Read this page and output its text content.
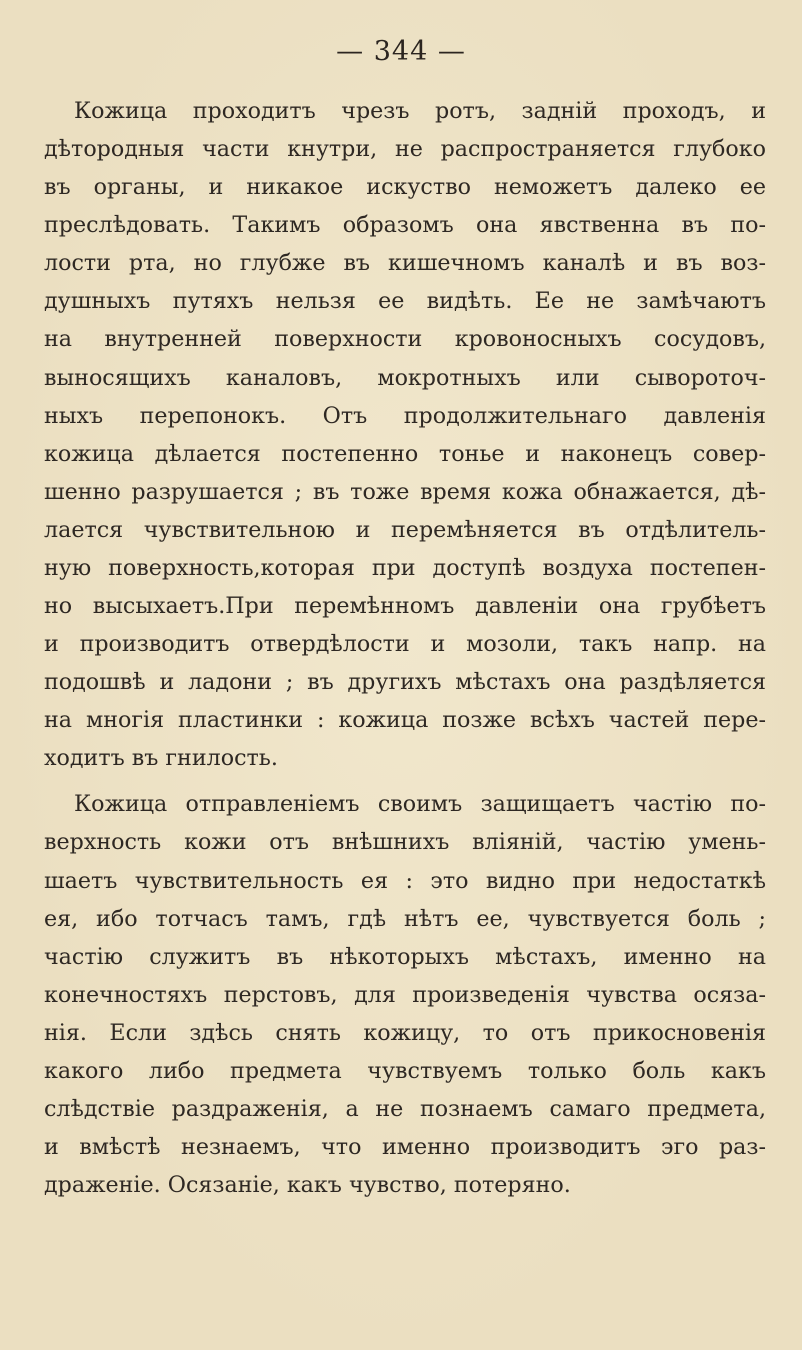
— 344 —
Кожица проходитъ чрезъ ротъ, заднiй проходъ, и
дѣтородныя части кнутри, не распространяется глубоко
въ органы, и никакое искуство неможетъ далеко ее
преслѣдовать. Такимъ образомъ она явственна въ по-
лости рта, но глубже въ кишечномъ каналѣ и въ воз-
душныхъ путяхъ нельзя ее видѣть. Ее не замѣчаютъ
на внутренней поверхности кровоносныхъ сосудовъ,
выносящихъ каналовъ, мокротныхъ или сывороточ-
ныхъ перепонокъ. Отъ продолжительнаго давленiя
кожица дѣлается постепенно тоньe и наконецъ совер-
шенно разрушается ; въ тоже время кожа обнажается, дѣ-
лается чувствительною и перемѣняется въ отдѣлитель-
ную поверхность,которая при доступѣ воздуха постепен-
но высыхаетъ.При перемѣнномъ давленiи она грубѣетъ
и производитъ отвердѣлости и мозоли, такъ напр. на
подошвѣ и ладони ; въ другихъ мѣстахъ она раздѣляется
на многiя пластинки : кожица позже всѣхъ частей пере-
ходитъ въ гнилость.
Кожица отправленiемъ своимъ защищаетъ частiю по-
верхность кожи отъ внѣшнихъ влiянiй, частiю умень-
шаетъ чувствительность ея : это видно при недостаткѣ
ея, ибо тотчасъ тамъ, гдѣ нѣтъ ее, чувствуется боль ;
частiю служитъ въ нѣкоторыхъ мѣстахъ, именно на
конечностяхъ перстовъ, для произведенiя чувства осяза-
нiя. Если здѣсь снять кожицу, то отъ прикосновенiя
какого либо предмета чувствуемъ только боль какъ
слѣдствiе раздраженiя, а не познаемъ самаго предмета,
и вмѣстѣ незнаемъ, что именно производитъ эго раз-
драженiе. Осязанiе, какъ чувство, потеряно.
